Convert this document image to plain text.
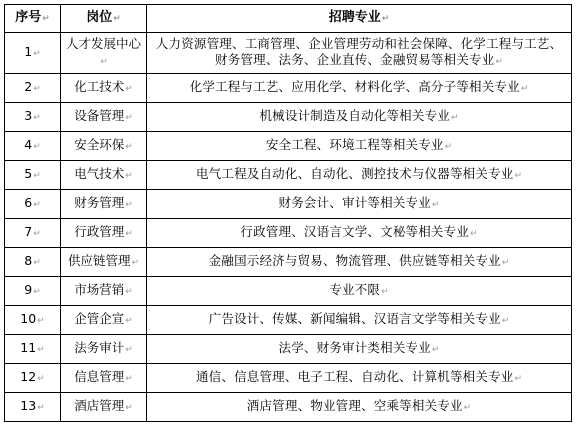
序号↵	岗位↵	招聘专业↵
1↵	人才发展中心↵	人力资源管理、工商管理、企业管理劳动和社会保障、化学工程与工艺、财务管理、法务、企业直传、金融贸易等相关专业↵
2↵	化工技术↵	化学工程与工艺、应用化学、材料化学、高分子等相关专业↵
3↵	设备管理↵	机械设计制造及自动化等相关专业↵
4↵	安全环保↵	安全工程、环境工程等相关专业↵
5↵	电气技术↵	电气工程及自动化、自动化、测控技术与仪器等相关专业↵
6↵	财务管理↵	财务会计、审计等相关专业↵
7↵	行政管理↵	行政管理、汉语言文学、文秘等相关专业↵
8↵	供应链管理↵	金融国示经济与贸易、物流管理、供应链等相关专业↵
9↵	市场营销↵	专业不限↵
10↵	企管企宣↵	广告设计、传媒、新闻编辑、汉语言文学等相关专业↵
11↵	法务审计↵	法学、财务审计类相关专业↵
12↵	信息管理↵	通信、信息管理、电子工程、自动化、计算机等相关专业↵
13↵	酒店管理↵	酒店管理、物业管理、空乘等相关专业↵
